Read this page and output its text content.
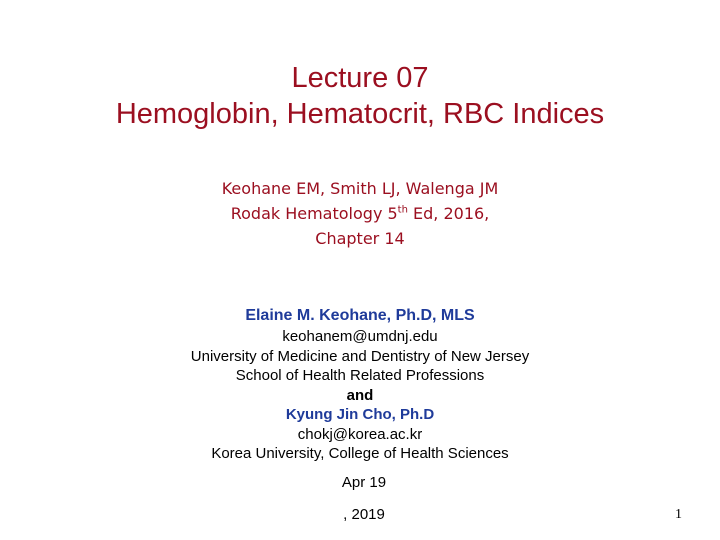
Lecture 07
Hemoglobin, Hematocrit, RBC Indices
Keohane EM, Smith LJ, Walenga JM
Rodak Hematology 5th Ed, 2016,
Chapter 14
Elaine M. Keohane, Ph.D, MLS
keohanem@umdnj.edu
University of Medicine and Dentistry of New Jersey
School of Health Related Professions
and
Kyung Jin Cho, Ph.D
chokj@korea.ac.kr
Korea University, College of Health Sciences
Apr 19
, 2019	1
